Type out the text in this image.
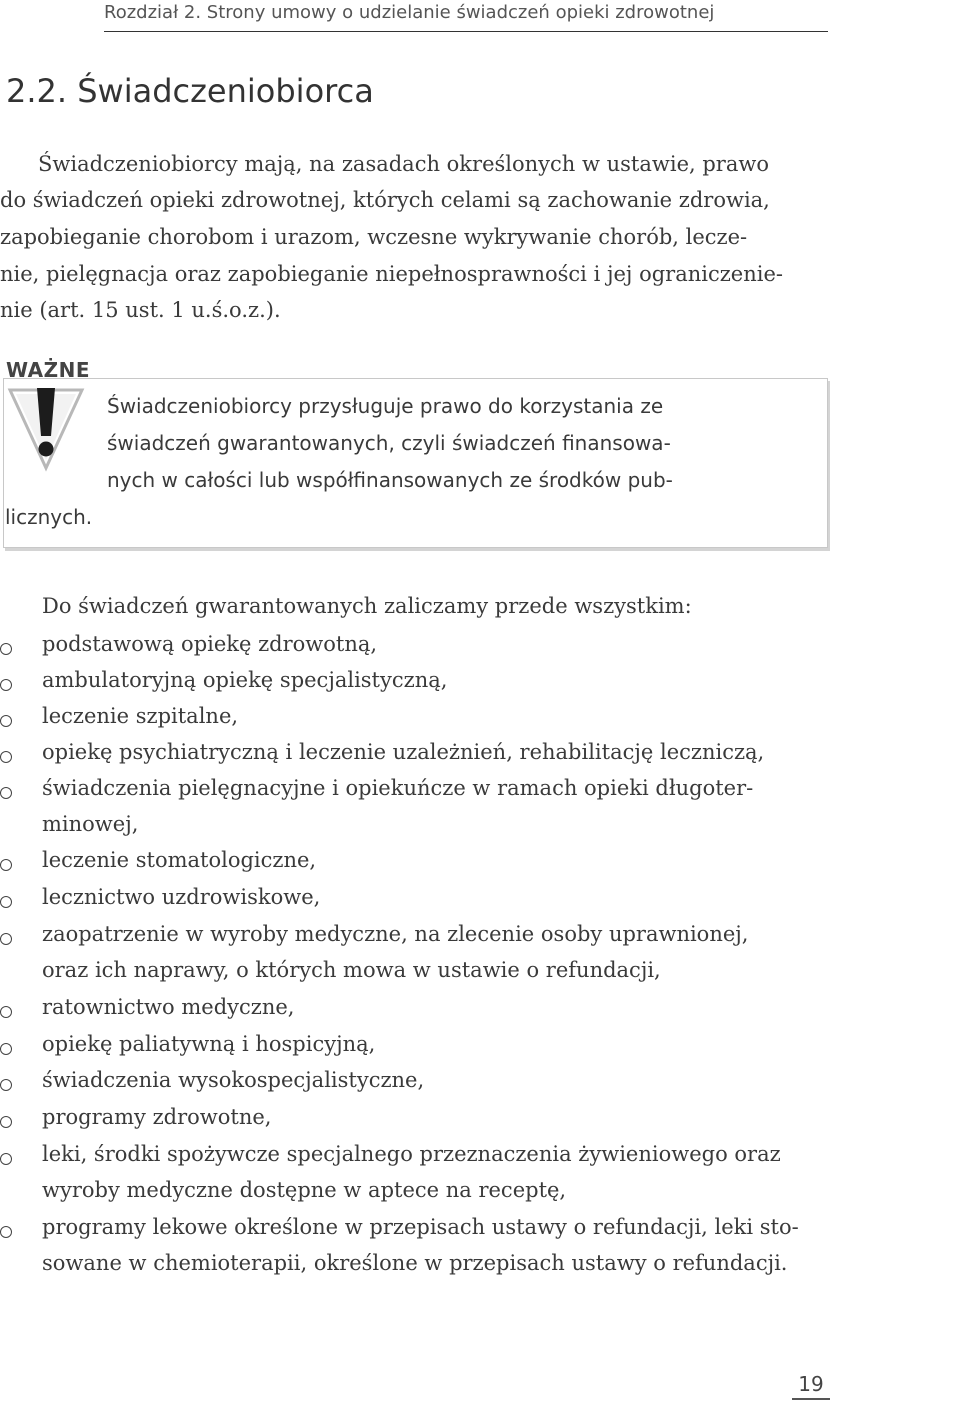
Rozdział 2. Strony umowy o udzielanie świadczeń opieki zdrowotnej
2.2. Świadczeniobiorca
Świadczeniobiorcy mają, na zasadach określonych w ustawie, prawo
do świadczeń opieki zdrowotnej, których celami są zachowanie zdrowia,
zapobieganie chorobom i urazom, wczesne wykrywanie chorób, lecze-
nie, pielęgnacja oraz zapobieganie niepełnosprawności i jej ograniczenie-
nie (art. 15 ust. 1 u.ś.o.z.).
WAŻNE
Świadczeniobiorcy przysługuje prawo do korzystania ze
świadczeń gwarantowanych, czyli świadczeń finansowa-
nych w całości lub współfinansowanych ze środków pub-
licznych.
Do świadczeń gwarantowanych zaliczamy przede wszystkim:
podstawową opiekę zdrowotną,
ambulatoryjną opiekę specjalistyczną,
leczenie szpitalne,
opiekę psychiatryczną i leczenie uzależnień, rehabilitację leczniczą,
świadczenia pielęgnacyjne i opiekuńcze w ramach opieki długoter-
minowej,
leczenie stomatologiczne,
lecznictwo uzdrowiskowe,
zaopatrzenie w wyroby medyczne, na zlecenie osoby uprawnionej,
oraz ich naprawy, o których mowa w ustawie o refundacji,
ratownictwo medyczne,
opiekę paliatywną i hospicyjną,
świadczenia wysokospecjalistyczne,
programy zdrowotne,
leki, środki spożywcze specjalnego przeznaczenia żywieniowego oraz
wyroby medyczne dostępne w aptece na receptę,
programy lekowe określone w przepisach ustawy o refundacji, leki sto-
sowane w chemioterapii, określone w przepisach ustawy o refundacji.
19
